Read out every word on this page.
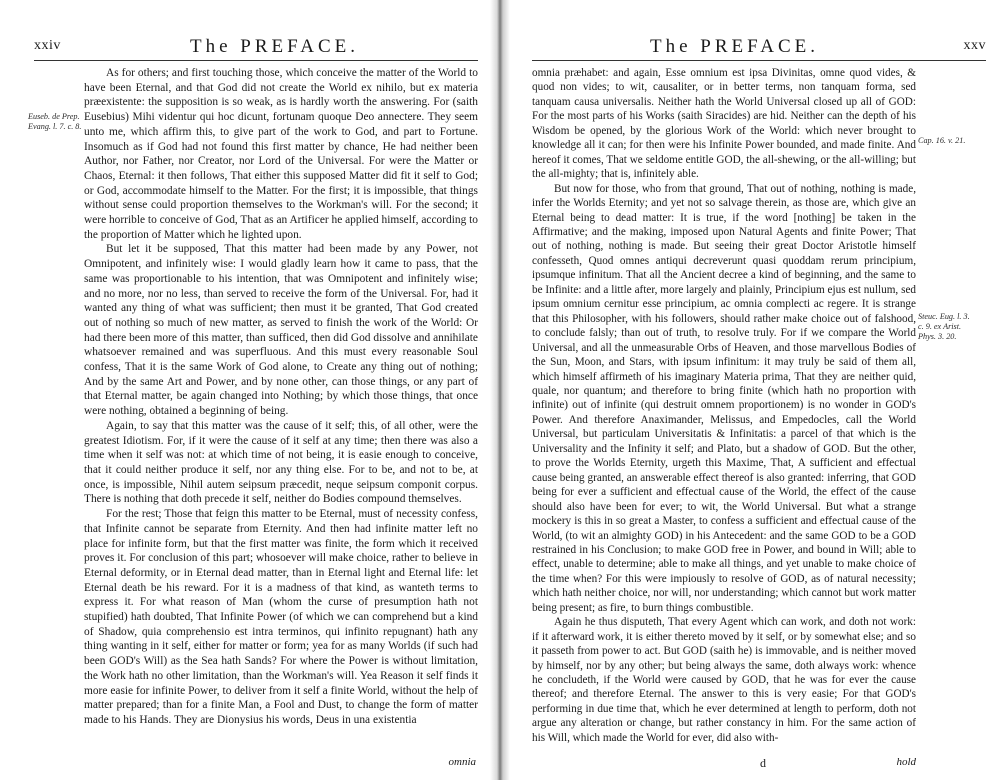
xxiv	The PREFACE.
Euseb. de Prep.
Evang. l. 7. c. 8.

As for others; and first touching those, which conceive the matter of the World to have been Eternal, and that God did not create the World ex nihilo, but ex materia præexistente: the supposition is so weak, as is hardly worth the answering. For (saith Eusebius) Mihi videntur qui hoc dicunt, fortunam quoque Deo annectere. They seem unto me, which affirm this, to give part of the work to God, and part to Fortune. Insomuch as if God had not found this first matter by chance, He had neither been Author, nor Father, nor Creator, nor Lord of the Universal. For were the Matter or Chaos, Eternal: it then follows, That either this supposed Matter did fit it self to God; or God, accommodate himself to the Matter. For the first; it is impossible, that things without sense could proportion themselves to the Workman's will. For the second; it were horrible to conceive of God, That as an Artificer he applied himself, according to the proportion of Matter which he lighted upon.

But let it be supposed, That this matter had been made by any Power, not Omnipotent, and infinitely wise: I would gladly learn how it came to pass, that the same was proportionable to his intention, that was Omnipotent and infinitely wise; and no more, nor no less, than served to receive the form of the Universal. For, had it wanted any thing of what was sufficient; then must it be granted, That God created out of nothing so much of new matter, as served to finish the work of the World: Or had there been more of this matter, than sufficed, then did God dissolve and annihilate whatsoever remained and was superfluous. And this must every reasonable Soul confess, That it is the same Work of God alone, to Create any thing out of nothing; And by the same Art and Power, and by none other, can those things, or any part of that Eternal matter, be again changed into Nothing; by which those things, that once were nothing, obtained a beginning of being.

Again, to say that this matter was the cause of it self; this, of all other, were the greatest Idiotism. For, if it were the cause of it self at any time; then there was also a time when it self was not: at which time of not being, it is easie enough to conceive, that it could neither produce it self, nor any thing else. For to be, and not to be, at once, is impossible, Nihil autem seipsum præcedit, neque seipsum componit corpus. There is nothing that doth precede it self, neither do Bodies compound themselves.

For the rest; Those that feign this matter to be Eternal, must of necessity confess, that Infinite cannot be separate from Eternity. And then had infinite matter left no place for infinite form, but that the first matter was finite, the form which it received proves it. For conclusion of this part; whosoever will make choice, rather to believe in Eternal deformity, or in Eternal dead matter, than in Eternal light and Eternal life: let Eternal death be his reward. For it is a madness of that kind, as wanteth terms to express it. For what reason of Man (whom the curse of presumption hath not stupified) hath doubted, That Infinite Power (of which we can comprehend but a kind of Shadow, quia comprehensio est intra terminos, qui infinito repugnant) hath any thing wanting in it self, either for matter or form; yea for as many Worlds (if such had been GOD's Will) as the Sea hath Sands? For where the Power is without limitation, the Work hath no other limitation, than the Workman's will. Yea Reason it self finds it more easie for infinite Power, to deliver from it self a finite World, without the help of matter prepared; than for a finite Man, a Fool and Dust, to change the form of matter made to his Hands. They are Dionysius his words, Deus in una existentia

omnia
The PREFACE.	xxv
Cap. 16. v. 21.
Steuc. Eug. l. 3.
c. 9. ex Arist.
Phys. 3. 20.

omnia præhabet: and again, Esse omnium est ipsa Divinitas, omne quod vides, & quod non vides; to wit, causaliter, or in better terms, non tanquam forma, sed tanquam causa universalis. Neither hath the World Universal closed up all of GOD: For the most parts of his Works (saith Siracides) are hid. Neither can the depth of his Wisdom be opened, by the glorious Work of the World: which never brought to knowledge all it can; for then were his Infinite Power bounded, and made finite. And hereof it comes, That we seldome entitle GOD, the all-shewing, or the all-willing; but the all-mighty; that is, infinitely able.

But now for those, who from that ground, That out of nothing, nothing is made, infer the Worlds Eternity; and yet not so salvage therein, as those are, which give an Eternal being to dead matter: It is true, if the word [nothing] be taken in the Affirmative; and the making, imposed upon Natural Agents and finite Power; That out of nothing, nothing is made. But seeing their great Doctor Aristotle himself confesseth, Quod omnes antiqui decreverunt quasi quoddam rerum principium, ipsumque infinitum. That all the Ancient decree a kind of beginning, and the same to be Infinite: and a little after, more largely and plainly, Principium ejus est nullum, sed ipsum omnium cernitur esse principium, ac omnia complecti ac regere. It is strange that this Philosopher, with his followers, should rather make choice out of falshood, to conclude falsly; than out of truth, to resolve truly. For if we compare the World Universal, and all the unmeasurable Orbs of Heaven, and those marvellous Bodies of the Sun, Moon, and Stars, with ipsum infinitum: it may truly be said of them all, which himself affirmeth of his imaginary Materia prima, That they are neither quid, quale, nor quantum; and therefore to bring finite (which hath no proportion with infinite) out of infinite (qui destruit omnem proportionem) is no wonder in GOD's Power. And therefore Anaximander, Melissus, and Empedocles, call the World Universal, but particulam Universitatis & Infinitatis: a parcel of that which is the Universality and the Infinity it self; and Plato, but a shadow of GOD. But the other, to prove the Worlds Eternity, urgeth this Maxime, That, A sufficient and effectual cause being granted, an answerable effect thereof is also granted: inferring, that GOD being for ever a sufficient and effectual cause of the World, the effect of the cause should also have been for ever; to wit, the World Universal. But what a strange mockery is this in so great a Master, to confess a sufficient and effectual cause of the World, (to wit an almighty GOD) in his Antecedent: and the same GOD to be a GOD restrained in his Conclusion; to make GOD free in Power, and bound in Will; able to effect, unable to determine; able to make all things, and yet unable to make choice of the time when? For this were impiously to resolve of GOD, as of natural necessity; which hath neither choice, nor will, nor understanding; which cannot but work matter being present; as fire, to burn things combustible.

Again he thus disputeth, That every Agent which can work, and doth not work: if it afterward work, it is either thereto moved by it self, or by somewhat else; and so it passeth from power to act. But GOD (saith he) is immovable, and is neither moved by himself, nor by any other; but being always the same, doth always work: whence he concludeth, if the World were caused by GOD, that he was for ever the cause thereof; and therefore Eternal. The answer to this is very easie; For that GOD's performing in due time that, which he ever determined at length to perform, doth not argue any alteration or change, but rather constancy in him. For the same action of his Will, which made the World for ever, did also with-

d	hold
